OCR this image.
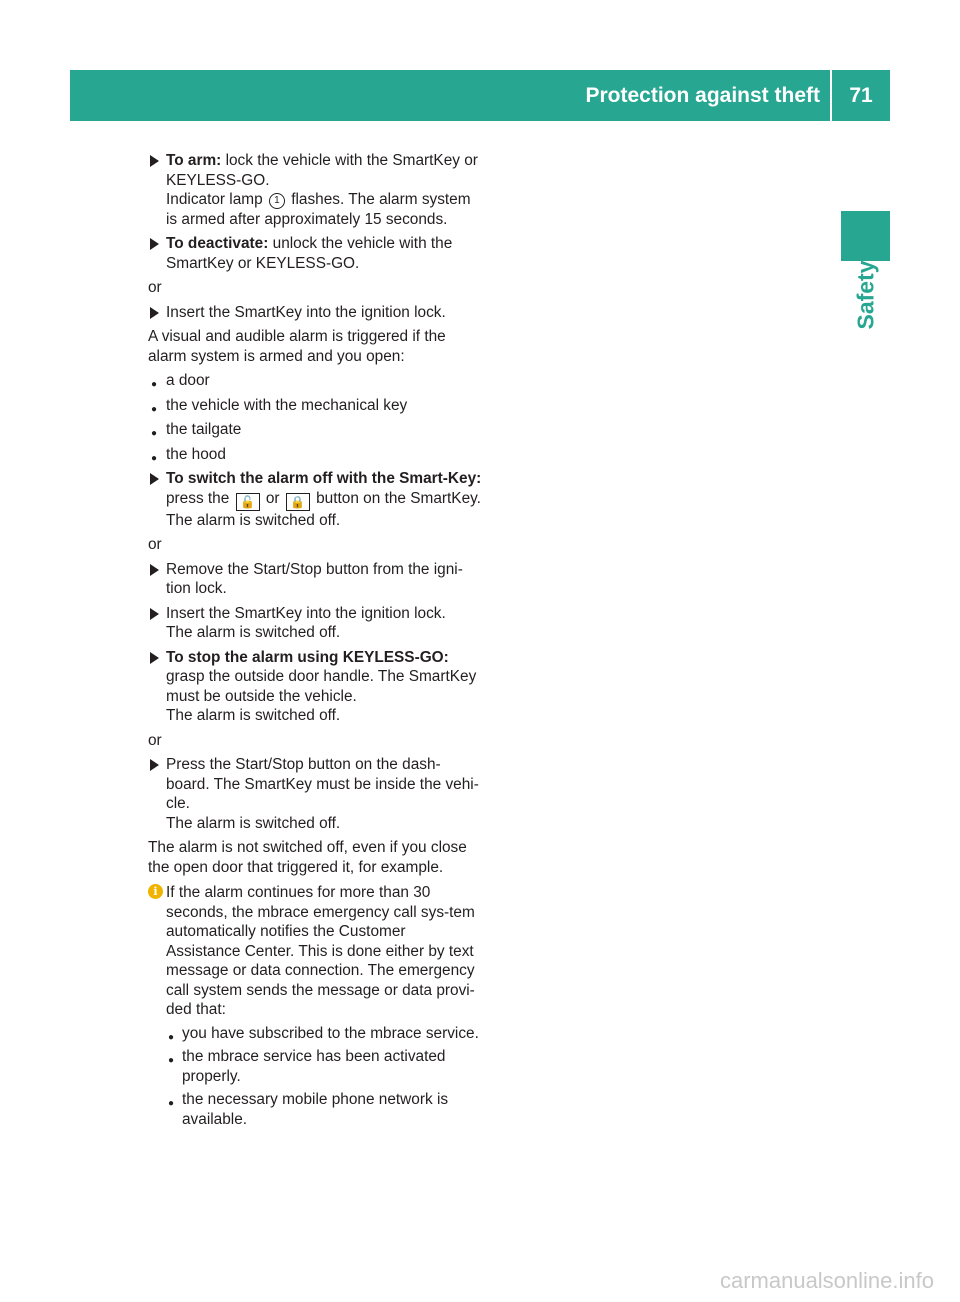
Protection against theft	71
Safety
To arm: lock the vehicle with the SmartKey or KEYLESS-GO.
Indicator lamp 1 flashes. The alarm system is armed after approximately 15 seconds.
To deactivate: unlock the vehicle with the SmartKey or KEYLESS-GO.
or
Insert the SmartKey into the ignition lock.
A visual and audible alarm is triggered if the alarm system is armed and you open:
● a door
● the vehicle with the mechanical key
● the tailgate
● the hood
To switch the alarm off with the Smart-Key: press the 🔓 or 🔒 button on the SmartKey.
The alarm is switched off.
or
Remove the Start/Stop button from the igni-tion lock.
Insert the SmartKey into the ignition lock.
The alarm is switched off.
To stop the alarm using KEYLESS-GO:
grasp the outside door handle. The SmartKey must be outside the vehicle.
The alarm is switched off.
or
Press the Start/Stop button on the dash-board. The SmartKey must be inside the vehi-cle.
The alarm is switched off.
The alarm is not switched off, even if you close the open door that triggered it, for example.
i If the alarm continues for more than 30 seconds, the mbrace emergency call sys-tem automatically notifies the Customer Assistance Center. This is done either by text message or data connection. The emergency call system sends the message or data provi-ded that:
● you have subscribed to the mbrace service.
● the mbrace service has been activated properly.
● the necessary mobile phone network is available.
carmanualsonline.info
